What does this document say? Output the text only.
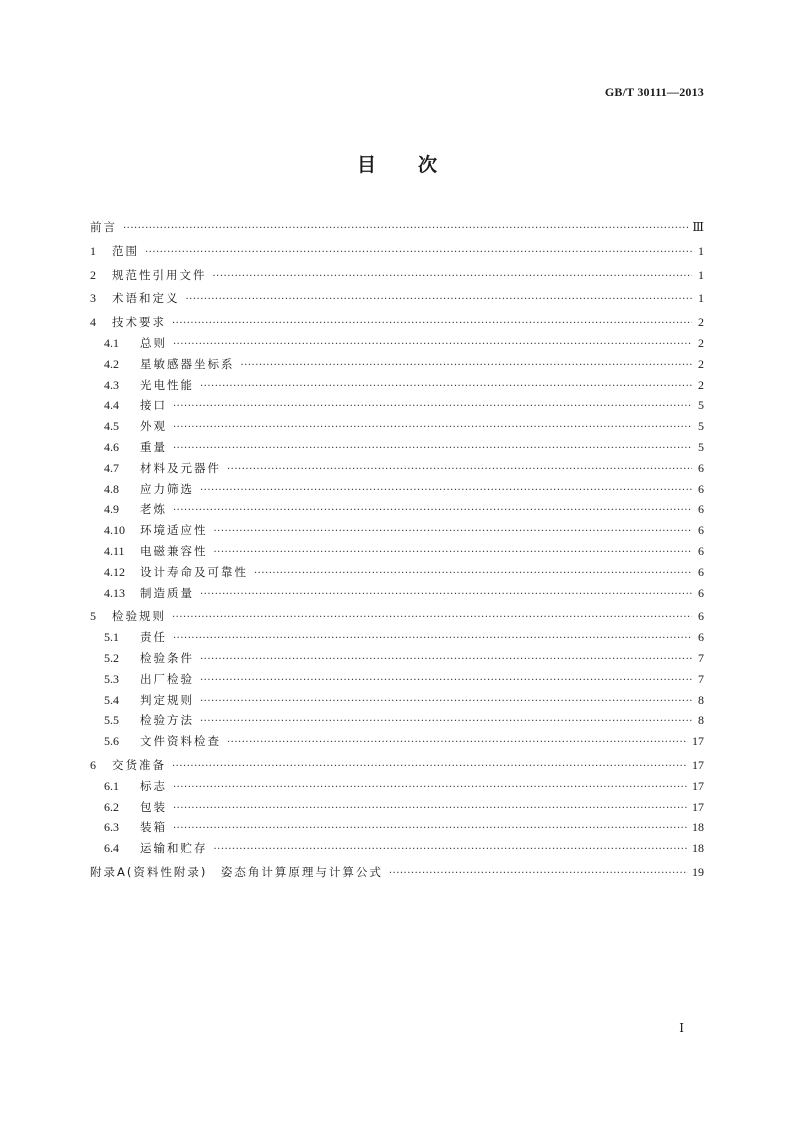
GB/T 30111—2013
目次
前言 ·····	Ⅲ
1	范围 ·····	1
2	规范性引用文件 ·····	1
3	术语和定义 ·····	1
4	技术要求 ·····	2
4.1	总则 ·····	2
4.2	星敏感器坐标系 ·····	2
4.3	光电性能 ·····	2
4.4	接口 ·····	5
4.5	外观 ·····	5
4.6	重量 ·····	5
4.7	材料及元器件 ·····	6
4.8	应力筛选 ·····	6
4.9	老炼 ·····	6
4.10	环境适应性 ·····	6
4.11	电磁兼容性 ·····	6
4.12	设计寿命及可靠性 ·····	6
4.13	制造质量 ·····	6
5	检验规则 ·····	6
5.1	责任 ·····	6
5.2	检验条件 ·····	7
5.3	出厂检验 ·····	7
5.4	判定规则 ·····	8
5.5	检验方法 ·····	8
5.6	文件资料检查 ·····	17
6	交货准备 ·····	17
6.1	标志 ·····	17
6.2	包装 ·····	17
6.3	装箱 ·····	18
6.4	运输和贮存 ·····	18
附录A(资料性附录)　姿态角计算原理与计算公式 ·····	19
Ⅰ
